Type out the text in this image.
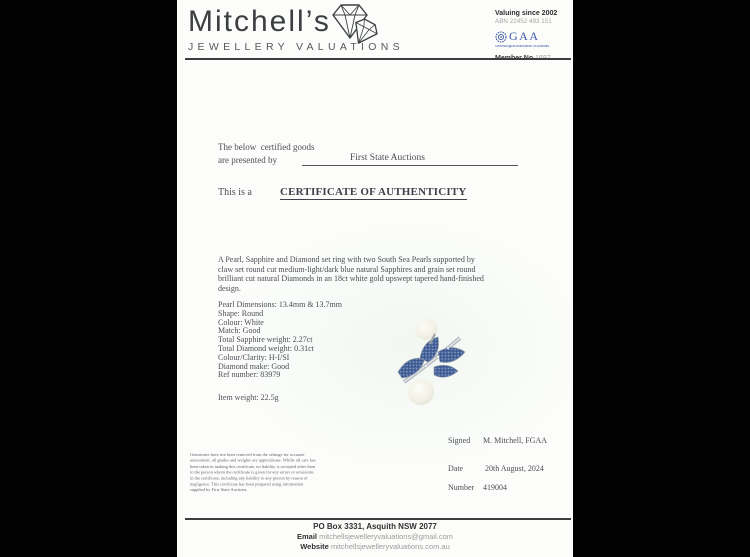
Mitchell’s
JEWELLERY VALUATIONS
Valuing since 2002
ABN 22452 493 151
GAA
Gemmological Association of Australia
The below  certified goods
are presented by	First State Auctions
This is a	CERTIFICATE OF AUTHENTICITY
A Pearl, Sapphire and Diamond set ring with two South Sea Pearls supported by claw set round cut medium-light/dark blue natural Sapphires and grain set round brilliant cut natural Diamonds in an 18ct white gold upswept tapered hand-finished design.
Pearl Dimensions: 13.4mm & 13.7mm
Shape: Round
Colour: White
Match: Good
Total Sapphire weight: 2.27ct
Total Diamond weight: 0.31ct
Colour/Clarity: H-I/SI
Diamond make: Good
Ref number: 83979
Item weight: 22.5g
Signed	M. Mitchell, FGAA
Date	20th August, 2024
Number	419004
Gemstones have not been removed from the settings for accurate assessment, all grades and weights are approximate. Whilst all care has been taken in making this certificate, no liability is accepted other than to the person whom the certificate is given for any errors or omissions in the certificate, including any liability to any person by reason of negligence. This certificate has been prepared using information supplied by First State Auctions.
PO Box 3331, Asquith NSW 2077
Email mitchellsjewelleryvaluations@gmail.com
Website mitchellsjewelleryvaluations.com.au
